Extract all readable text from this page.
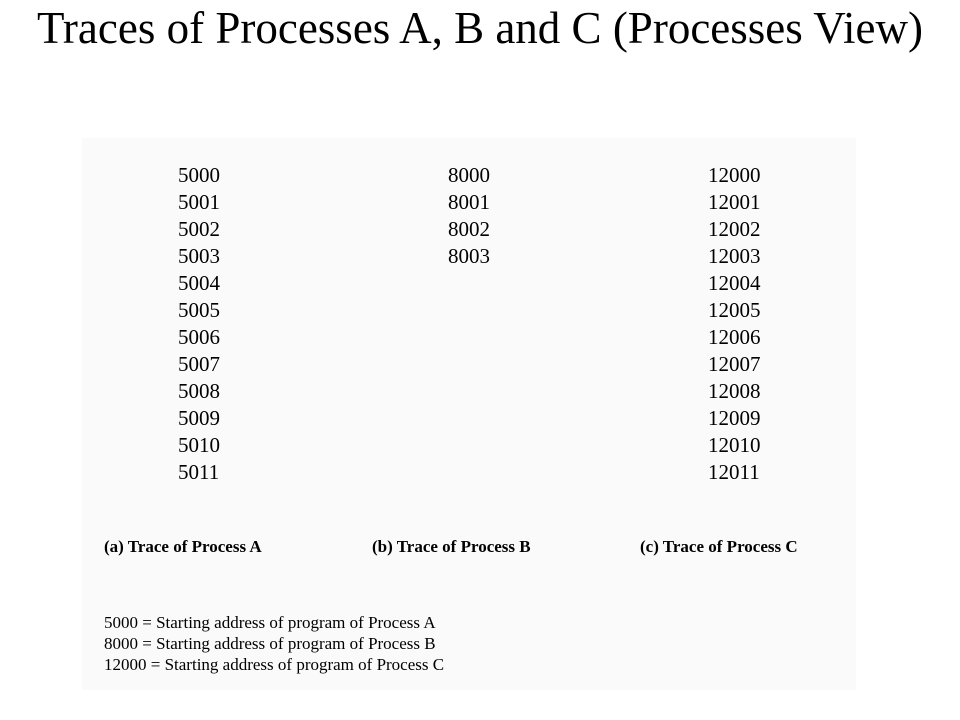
Traces of Processes A, B and C (Processes View)
5000
5001
5002
5003
5004
5005
5006
5007
5008
5009
5010
5011
8000
8001
8002
8003
12000
12001
12002
12003
12004
12005
12006
12007
12008
12009
12010
12011
(a) Trace of Process A	(b) Trace of Process B	(c) Trace of Process C
5000 = Starting address of program of Process A
8000 = Starting address of program of Process B
12000 = Starting address of program of Process C
